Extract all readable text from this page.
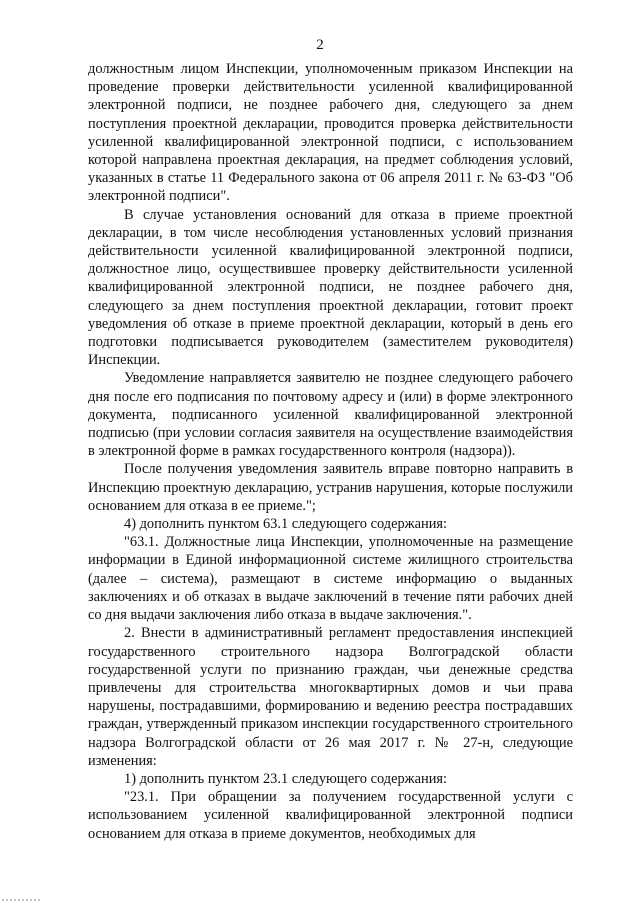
2

должностным лицом Инспекции, уполномоченным приказом Инспекции на проведение проверки действительности усиленной квалифицированной электронной подписи, не позднее рабочего дня, следующего за днем поступления проектной декларации, проводится проверка действительности усиленной квалифицированной электронной подписи, с использованием которой направлена проектная декларация, на предмет соблюдения условий, указанных в статье 11 Федерального закона от 06 апреля 2011 г. № 63-ФЗ "Об электронной подписи".

В случае установления оснований для отказа в приеме проектной декларации, в том числе несоблюдения установленных условий признания действительности усиленной квалифицированной электронной подписи, должностное лицо, осуществившее проверку действительности усиленной квалифицированной электронной подписи, не позднее рабочего дня, следующего за днем поступления проектной декларации, готовит проект уведомления об отказе в приеме проектной декларации, который в день его подготовки подписывается руководителем (заместителем руководителя) Инспекции.

Уведомление направляется заявителю не позднее следующего рабочего дня после его подписания по почтовому адресу и (или) в форме электронного документа, подписанного усиленной квалифицированной электронной подписью (при условии согласия заявителя на осуществление взаимодействия в электронной форме в рамках государственного контроля (надзора)).

После получения уведомления заявитель вправе повторно направить в Инспекцию проектную декларацию, устранив нарушения, которые послужили основанием для отказа в ее приеме.";

4) дополнить пунктом 63.1 следующего содержания:

"63.1. Должностные лица Инспекции, уполномоченные на размещение информации в Единой информационной системе жилищного строительства (далее – система), размещают в системе информацию о выданных заключениях и об отказах в выдаче заключений в течение пяти рабочих дней со дня выдачи заключения либо отказа в выдаче заключения.".

2. Внести в административный регламент предоставления инспекцией государственного строительного надзора Волгоградской области государственной услуги по признанию граждан, чьи денежные средства привлечены для строительства многоквартирных домов и чьи права нарушены, пострадавшими, формированию и ведению реестра пострадавших граждан, утвержденный приказом инспекции государственного строительного надзора Волгоградской области от 26 мая 2017 г. № 27-н, следующие изменения:

1) дополнить пунктом 23.1 следующего содержания:

"23.1. При обращении за получением государственной услуги с использованием усиленной квалифицированной электронной подписи основанием для отказа в приеме документов, необходимых для
